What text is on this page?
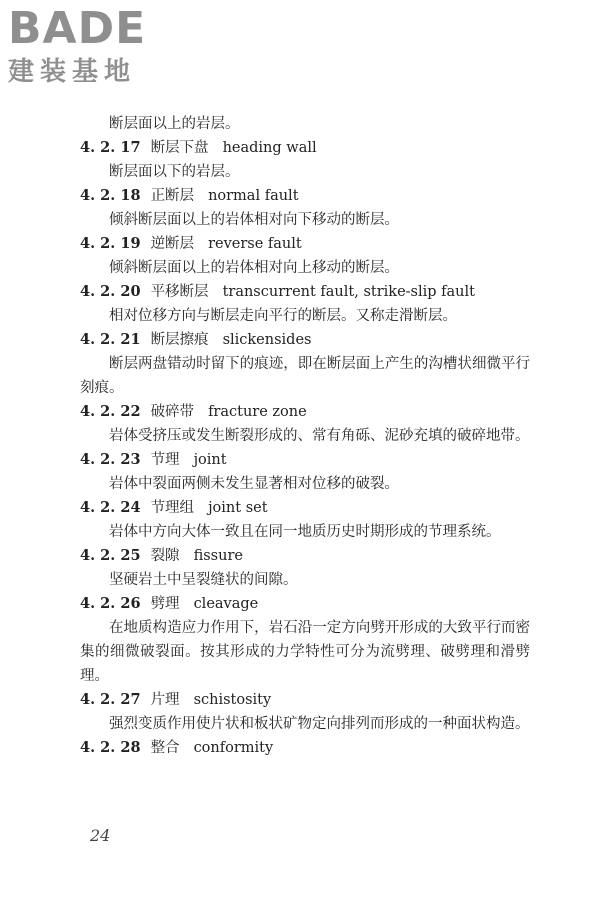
BADE
建装基地

断层面以上的岩层。

4. 2. 17 断层下盘 heading wall

断层面以下的岩层。

4. 2. 18 正断层 normal fault

倾斜断层面以上的岩体相对向下移动的断层。

4. 2. 19 逆断层 reverse fault

倾斜断层面以上的岩体相对向上移动的断层。

4. 2. 20 平移断层 transcurrent fault, strike-slip fault

相对位移方向与断层走向平行的断层。又称走滑断层。

4. 2. 21 断层擦痕 slickensides

断层两盘错动时留下的痕迹，即在断层面上产生的沟槽状细微平行刻痕。

4. 2. 22 破碎带 fracture zone

岩体受挤压或发生断裂形成的、常有角砾、泥砂充填的破碎地带。

4. 2. 23 节理 joint

岩体中裂面两侧未发生显著相对位移的破裂。

4. 2. 24 节理组 joint set

岩体中方向大体一致且在同一地质历史时期形成的节理系统。

4. 2. 25 裂隙 fissure

坚硬岩土中呈裂缝状的间隙。

4. 2. 26 劈理 cleavage

在地质构造应力作用下，岩石沿一定方向劈开形成的大致平行而密集的细微破裂面。按其形成的力学特性可分为流劈理、破劈理和滑劈理。

4. 2. 27 片理 schistosity

强烈变质作用使片状和板状矿物定向排列而形成的一种面状构造。

4. 2. 28 整合 conformity

24
